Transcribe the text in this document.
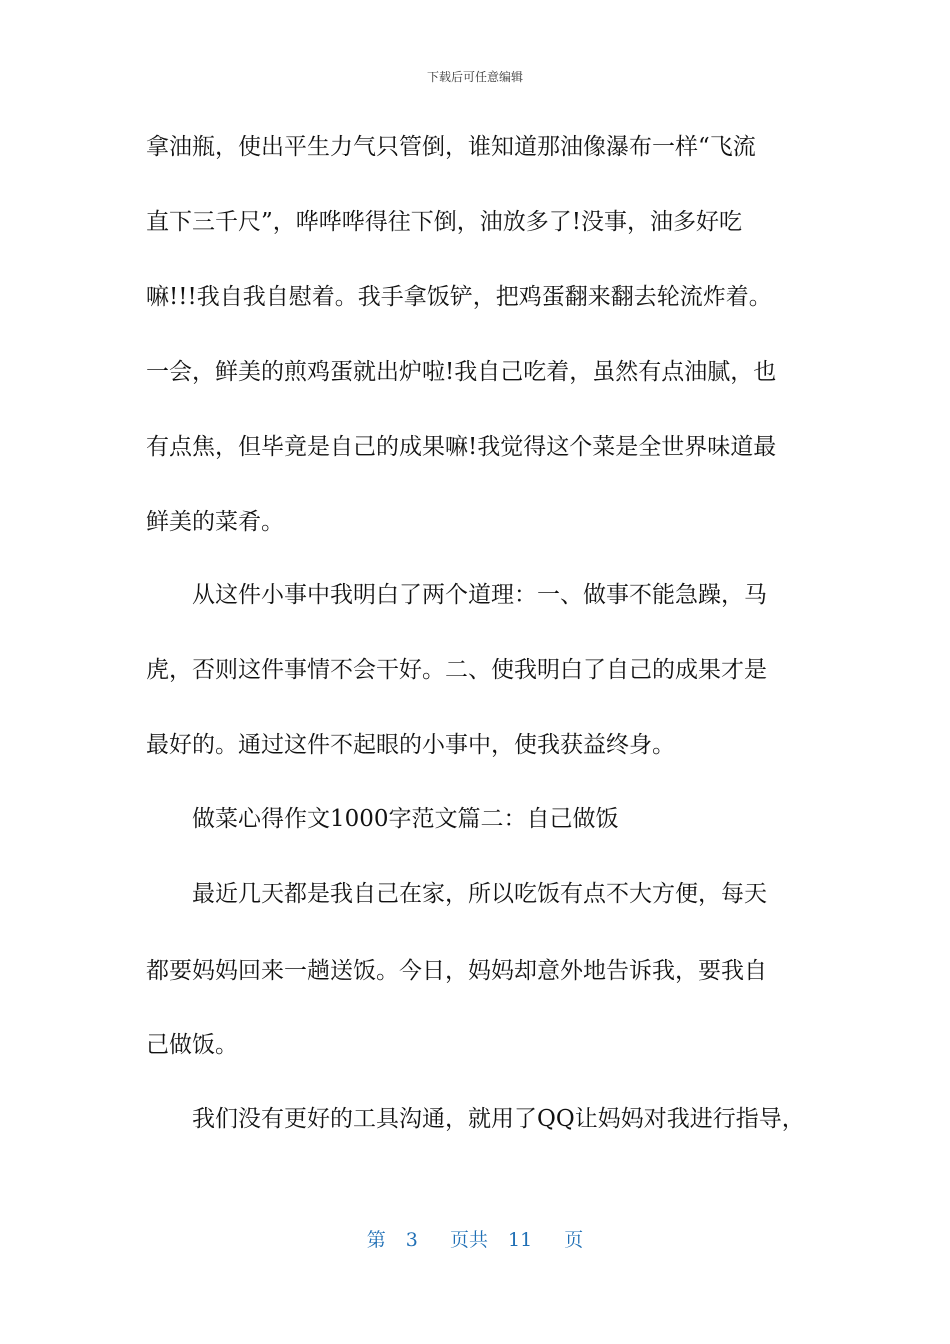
下载后可任意编辑
拿油瓶，使出平生力气只管倒，谁知道那油像瀑布一样“飞流
直下三千尺”，哗哗哗得往下倒，油放多了!没事，油多好吃
嘛!!!我自我自慰着。我手拿饭铲，把鸡蛋翻来翻去轮流炸着。
一会，鲜美的煎鸡蛋就出炉啦!我自己吃着，虽然有点油腻，也
有点焦，但毕竟是自己的成果嘛!我觉得这个菜是全世界味道最
鲜美的菜肴。
　　从这件小事中我明白了两个道理：一、做事不能急躁，马
虎，否则这件事情不会干好。二、使我明白了自己的成果才是
最好的。通过这件不起眼的小事中，使我获益终身。
　　做菜心得作文1000字范文篇二：自己做饭
　　最近几天都是我自己在家，所以吃饭有点不大方便，每天
都要妈妈回来一趟送饭。今日，妈妈却意外地告诉我，要我自
己做饭。
　　我们没有更好的工具沟通，就用了QQ让妈妈对我进行指导，
第 3 页共 11 页
